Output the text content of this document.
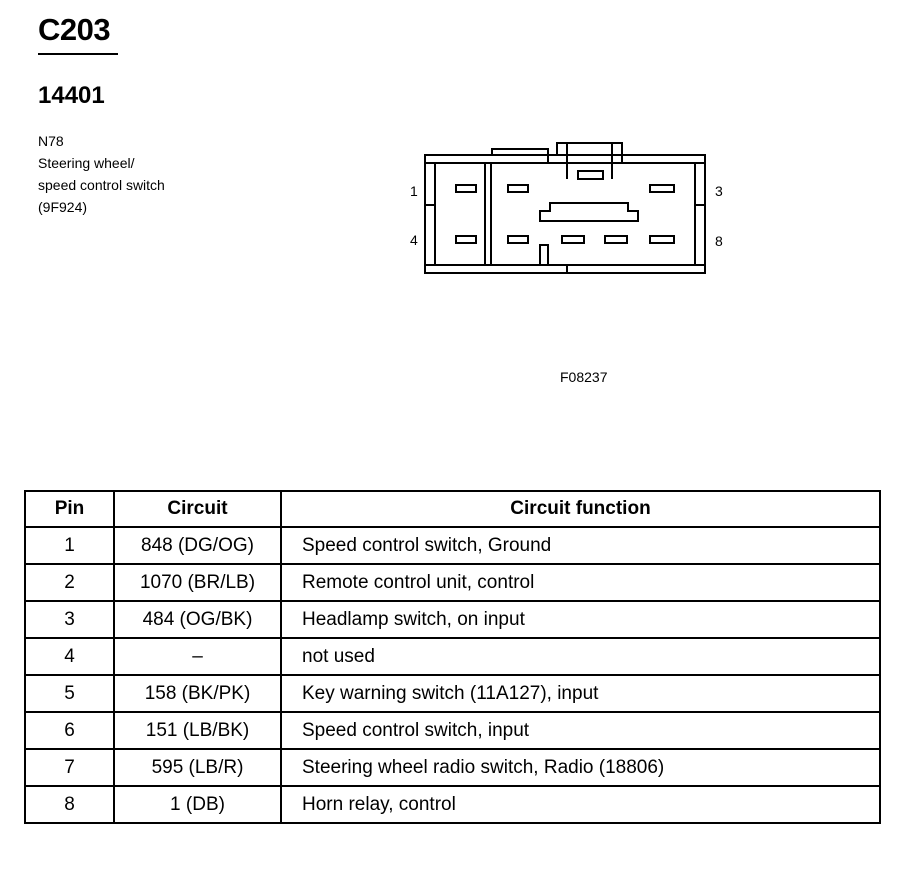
C203
14401
N78
Steering wheel/
speed control switch
(9F924)
1	3
4	8
F08237
Pin	Circuit	Circuit function
1	848 (DG/OG)	Speed control switch, Ground
2	1070 (BR/LB)	Remote control unit, control
3	484 (OG/BK)	Headlamp switch, on input
4	–	not used
5	158 (BK/PK)	Key warning switch (11A127), input
6	151 (LB/BK)	Speed control switch, input
7	595 (LB/R)	Steering wheel radio switch, Radio (18806)
8	1 (DB)	Horn relay, control
